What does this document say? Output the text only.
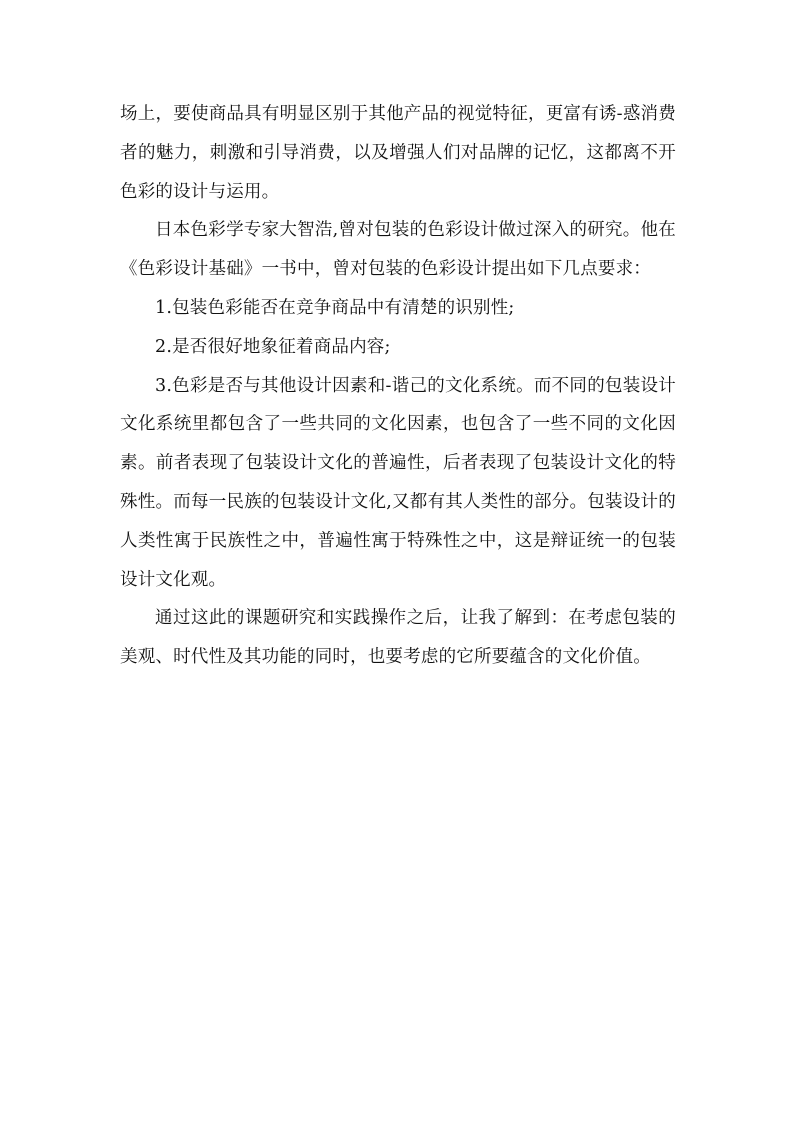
场上，要使商品具有明显区别于其他产品的视觉特征，更富有诱-惑消费者的魅力，刺激和引导消费，以及增强人们对品牌的记忆，这都离不开色彩的设计与运用。

日本色彩学专家大智浩,曾对包装的色彩设计做过深入的研究。他在《色彩设计基础》一书中，曾对包装的色彩设计提出如下几点要求：

1.包装色彩能否在竞争商品中有清楚的识别性;

2.是否很好地象征着商品内容;

3.色彩是否与其他设计因素和-谐己的文化系统。而不同的包装设计文化系统里都包含了一些共同的文化因素，也包含了一些不同的文化因素。前者表现了包装设计文化的普遍性，后者表现了包装设计文化的特殊性。而每一民族的包装设计文化,又都有其人类性的部分。包装设计的人类性寓于民族性之中，普遍性寓于特殊性之中，这是辩证统一的包装设计文化观。

通过这此的课题研究和实践操作之后，让我了解到：在考虑包装的美观、时代性及其功能的同时，也要考虑的它所要蕴含的文化价值。
